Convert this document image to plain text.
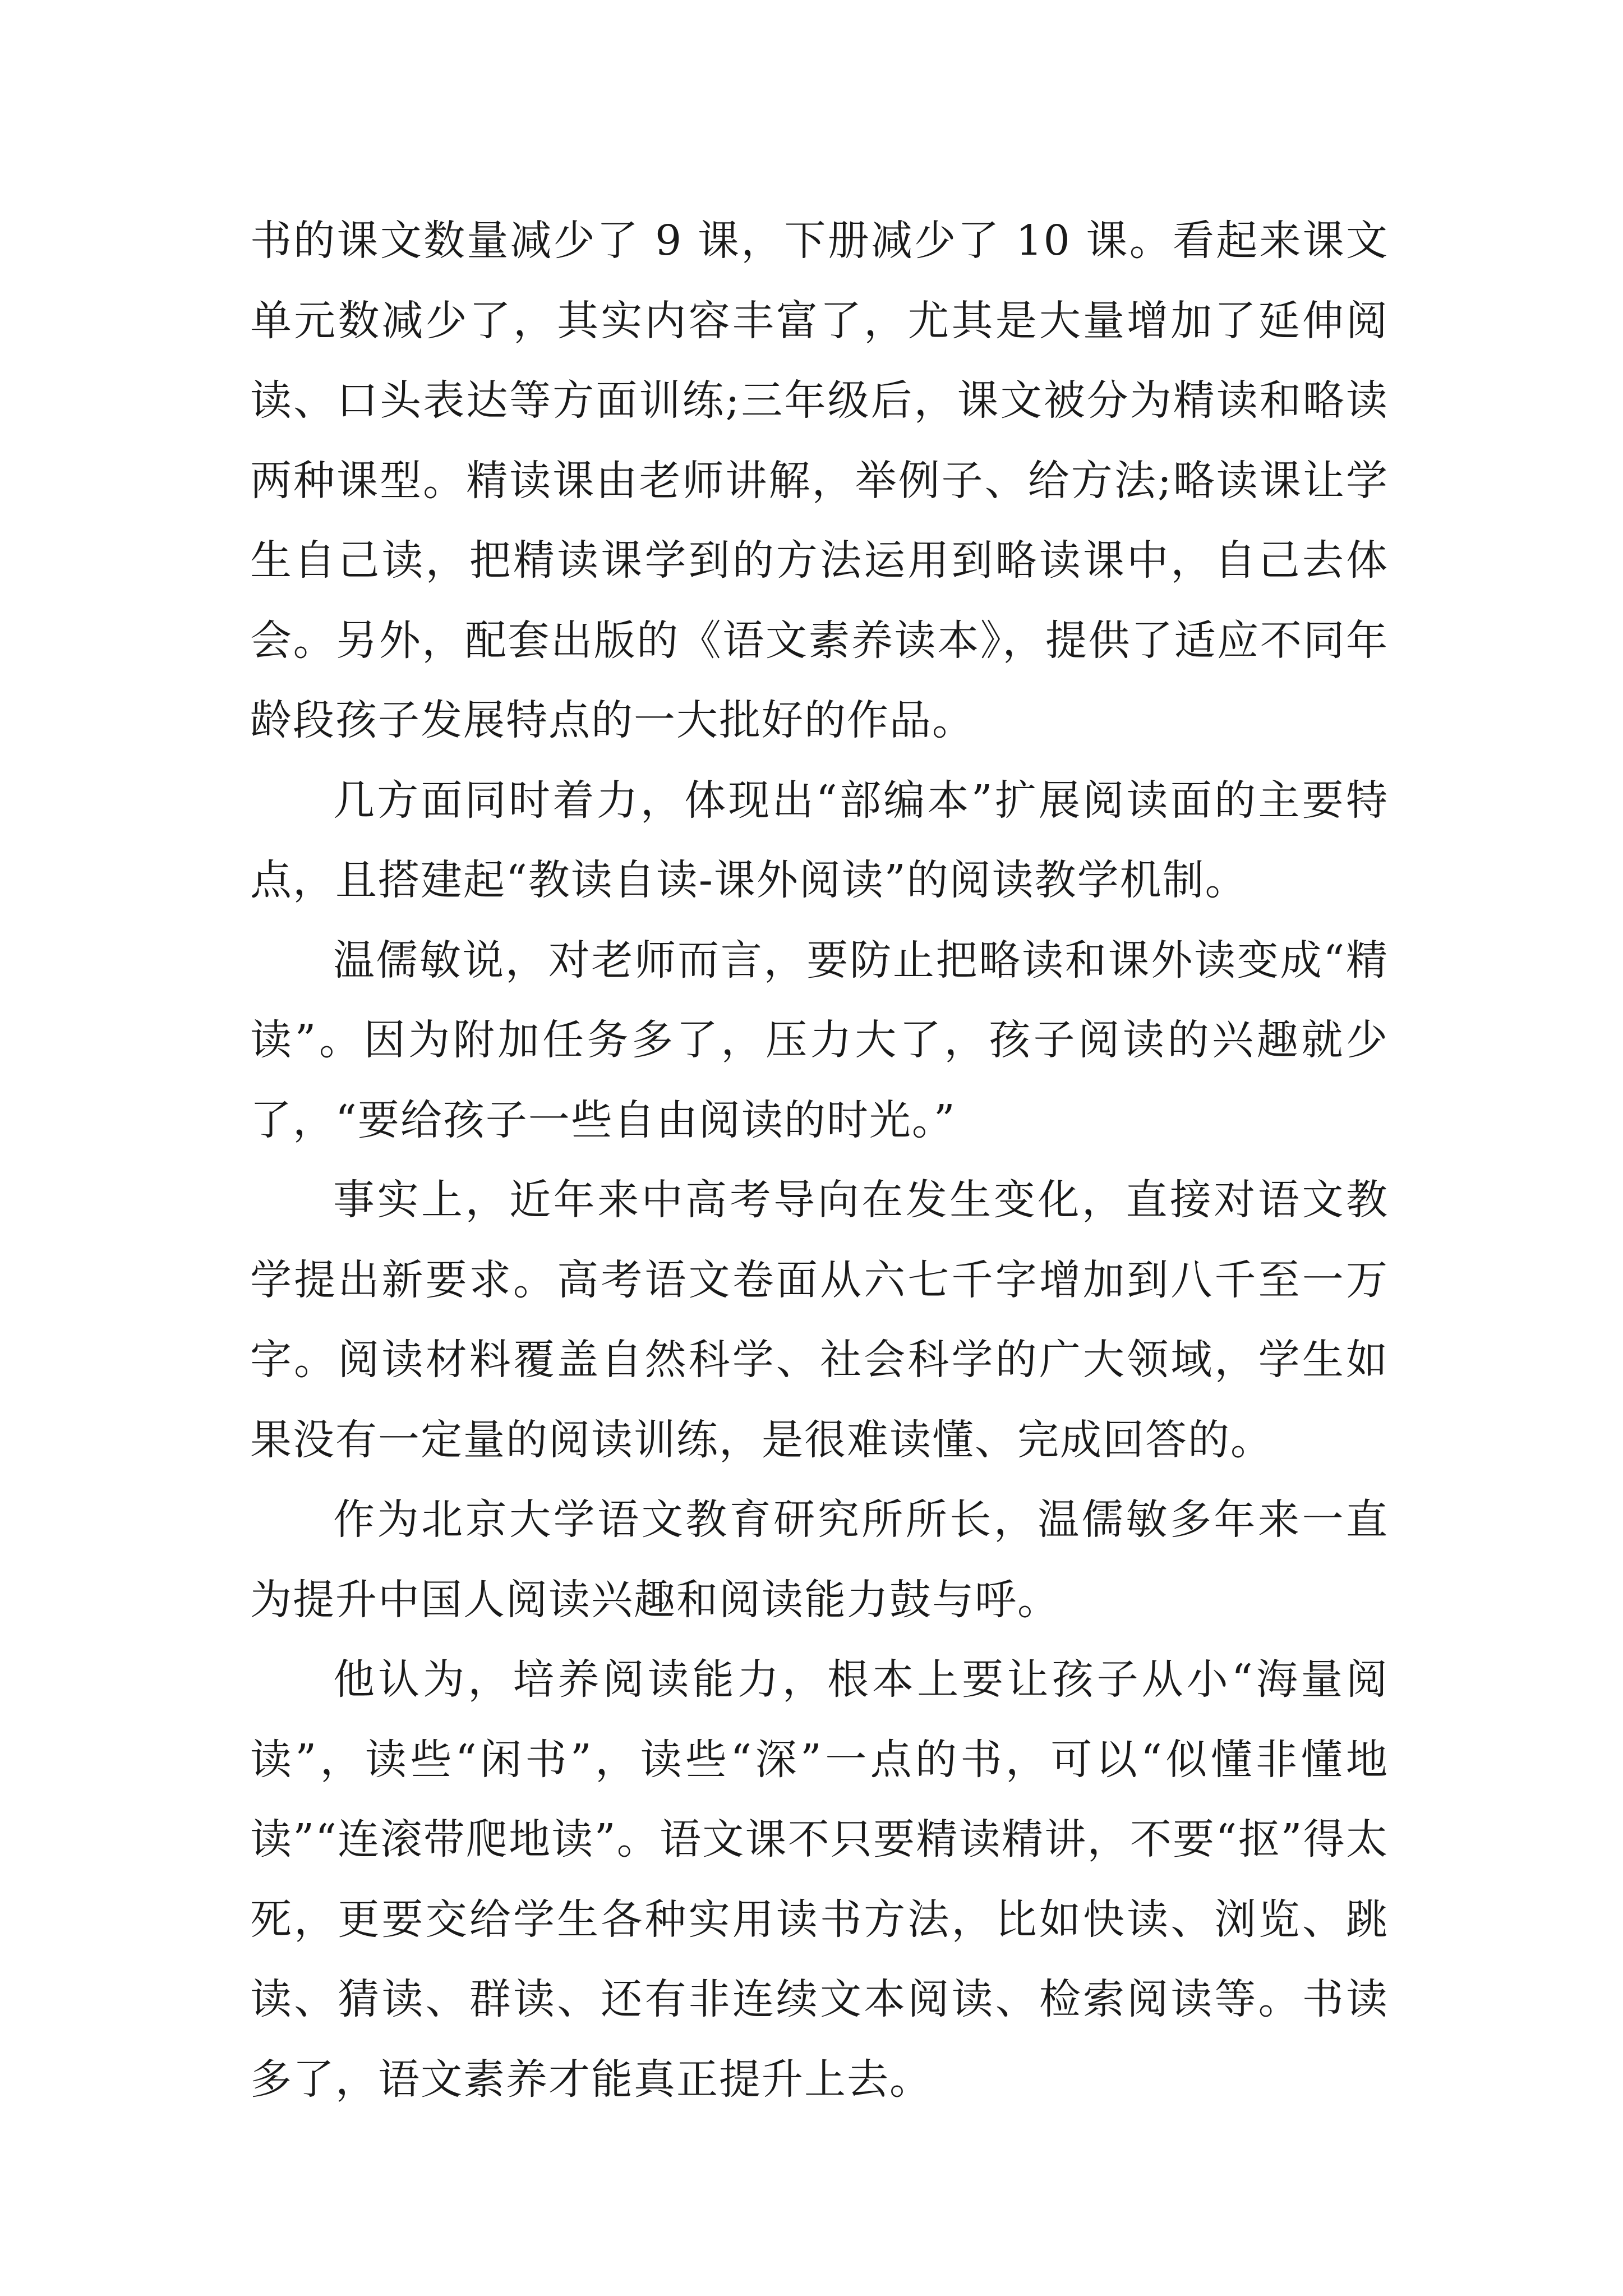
书的课文数量减少了 9 课，下册减少了 10 课。看起来课文单元数减少了，其实内容丰富了，尤其是大量增加了延伸阅读、口头表达等方面训练;三年级后，课文被分为精读和略读两种课型。精读课由老师讲解，举例子、给方法;略读课让学生自己读，把精读课学到的方法运用到略读课中，自己去体会。另外，配套出版的《语文素养读本》，提供了适应不同年龄段孩子发展特点的一大批好的作品。

几方面同时着力，体现出“部编本”扩展阅读面的主要特点，且搭建起“教读自读-课外阅读”的阅读教学机制。

温儒敏说，对老师而言，要防止把略读和课外读变成“精读”。因为附加任务多了，压力大了，孩子阅读的兴趣就少了，“要给孩子一些自由阅读的时光。”

事实上，近年来中高考导向在发生变化，直接对语文教学提出新要求。高考语文卷面从六七千字增加到八千至一万字。阅读材料覆盖自然科学、社会科学的广大领域，学生如果没有一定量的阅读训练，是很难读懂、完成回答的。

作为北京大学语文教育研究所所长，温儒敏多年来一直为提升中国人阅读兴趣和阅读能力鼓与呼。

他认为，培养阅读能力，根本上要让孩子从小“海量阅读”，读些“闲书”，读些“深”一点的书，可以“似懂非懂地读”“连滚带爬地读”。语文课不只要精读精讲，不要“抠”得太死，更要交给学生各种实用读书方法，比如快读、浏览、跳读、猜读、群读、还有非连续文本阅读、检索阅读等。书读多了，语文素养才能真正提升上去。
